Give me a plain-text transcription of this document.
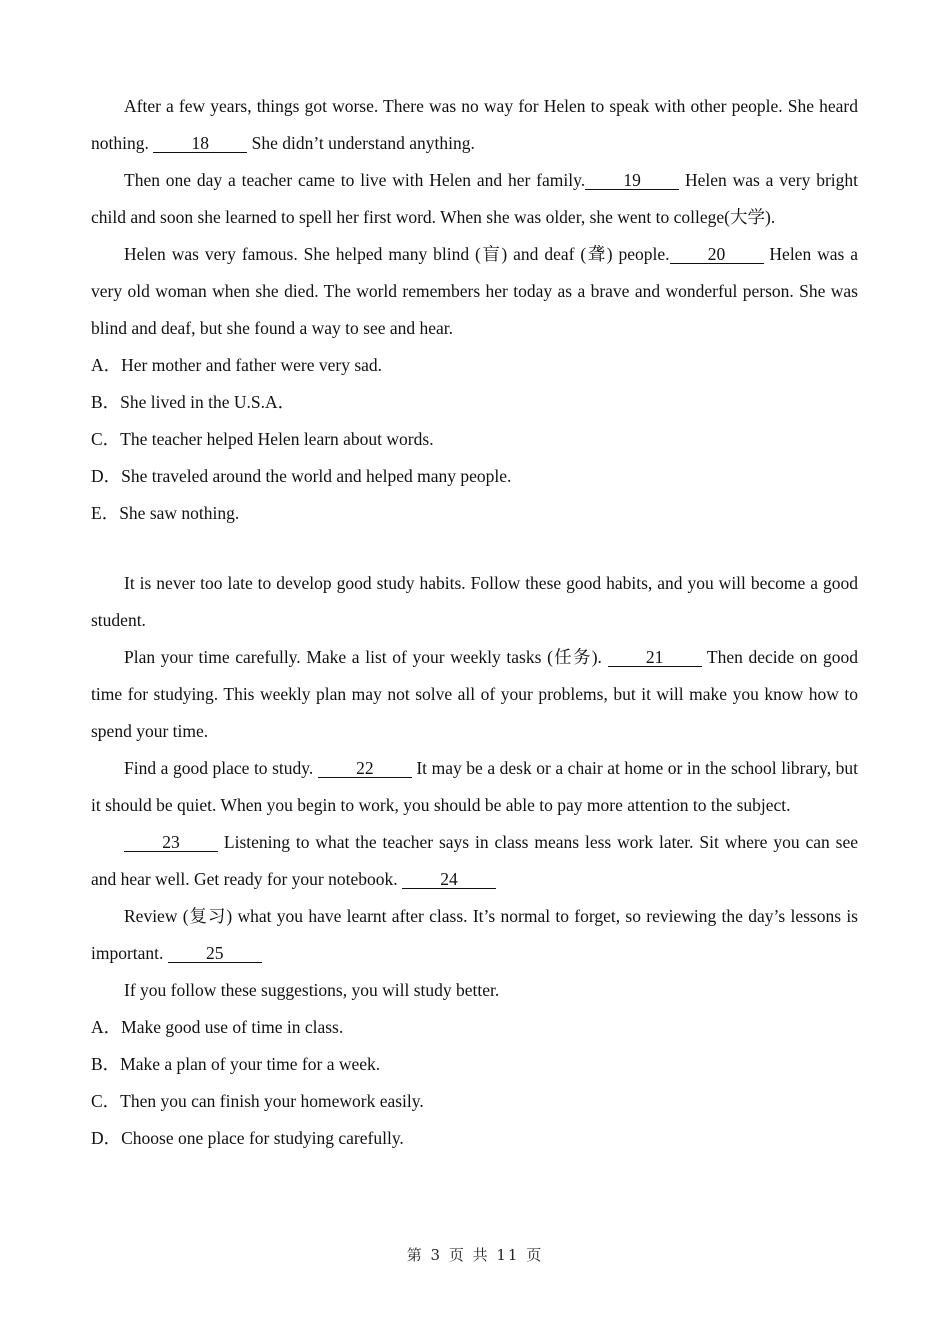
After a few years, things got worse. There was no way for Helen to speak with other people. She heard nothing. 18 She didn’t understand anything.

Then one day a teacher came to live with Helen and her family. 19 Helen was a very bright child and soon she learned to spell her first word. When she was older, she went to college(大学).

Helen was very famous. She helped many blind (盲) and deaf (聋) people. 20 Helen was a very old woman when she died. The world remembers her today as a brave and wonderful person. She was blind and deaf, but she found a way to see and hear.

A．Her mother and father were very sad.

B．She lived in the U.S.A．

C．The teacher helped Helen learn about words.

D．She traveled around the world and helped many people.

E．She saw nothing.

It is never too late to develop good study habits. Follow these good habits, and you will become a good student.

Plan your time carefully. Make a list of your weekly tasks (任务). 21 Then decide on good time for studying. This weekly plan may not solve all of your problems, but it will make you know how to spend your time.

Find a good place to study. 22 It may be a desk or a chair at home or in the school library, but it should be quiet. When you begin to work, you should be able to pay more attention to the subject.

23 Listening to what the teacher says in class means less work later. Sit where you can see and hear well. Get ready for your notebook. 24

Review (复习) what you have learnt after class. It’s normal to forget, so reviewing the day’s lessons is important. 25

If you follow these suggestions, you will study better.

A．Make good use of time in class.

B．Make a plan of your time for a week.

C．Then you can finish your homework easily.

D．Choose one place for studying carefully.

第 3 页 共 11 页
